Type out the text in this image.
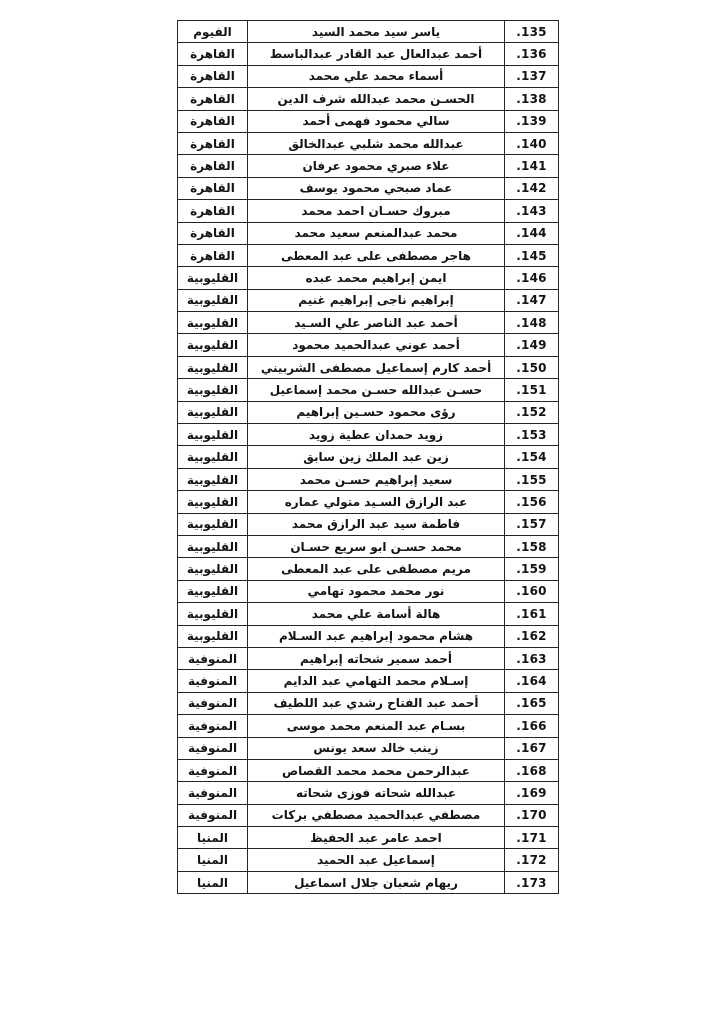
.135	ياسر سيد محمد السيد	الفيوم
.136	أحمد عبدالعال عبد القادر عبدالباسط	القاهرة
.137	أسماء محمد علي محمد	القاهرة
.138	الحسـن محمد عبدالله شرف الدين	القاهرة
.139	سالي محمود فهمى أحمد	القاهرة
.140	عبدالله محمد شلبي عبدالخالق	القاهرة
.141	علاء صبري محمود عرفان	القاهرة
.142	عماد صبحي محمود يوسف	القاهرة
.143	مبروك حسـان احمد محمد	القاهرة
.144	محمد عبدالمنعم سعيد محمد	القاهرة
.145	هاجر مصطفى على عبد المعطى	القاهرة
.146	ايمن إبراهيم محمد عبده	القليوبية
.147	إبراهيم ناجى إبراهيم غنيم	القليوبية
.148	أحمد عبد الناصر علي السـيد	القليوبية
.149	أحمد عوني عبدالحميد محمود	القليوبية
.150	أحمد كارم إسماعيل مصطفى الشربيني	القليوبية
.151	حسـن عبدالله حسـن محمد إسماعيل	القليوبية
.152	رؤى محمود حسـين إبراهيم	القليوبية
.153	زويد حمدان عطية زويد	القليوبية
.154	زين عبد الملك زين سابق	القليوبية
.155	سعيد إبراهيم حسـن محمد	القليوبية
.156	عبد الرازق السـيد متولي عماره	القليوبية
.157	فاطمة سيد عبد الرازق محمد	القليوبية
.158	محمد حسـن ابو سريع حسـان	القليوبية
.159	مريم مصطفى على عبد المعطى	القليوبية
.160	نور محمد محمود تهامي	القليوبية
.161	هالة أسامة علي محمد	القليوبية
.162	هشام محمود إبراهيم عبد السـلام	القليوبية
.163	أحمد سمير شحاته إبراهيم	المنوفية
.164	إسـلام محمد التهامي عبد الدايم	المنوفية
.165	أحمد عبد الفتاح رشدي عبد اللطيف	المنوفية
.166	بسـام عبد المنعم محمد موسى	المنوفية
.167	زينب خالد سعد يونس	المنوفية
.168	عبدالرحمن محمد محمد القصاص	المنوفية
.169	عبدالله شحاته فوزى شحاته	المنوفية
.170	مصطفي عبدالحميد مصطفي بركات	المنوفية
.171	احمد عامر عبد الحفيظ	المنيا
.172	إسماعيل عبد الحميد	المنيا
.173	ريهام شعبان جلال اسماعيل	المنيا
